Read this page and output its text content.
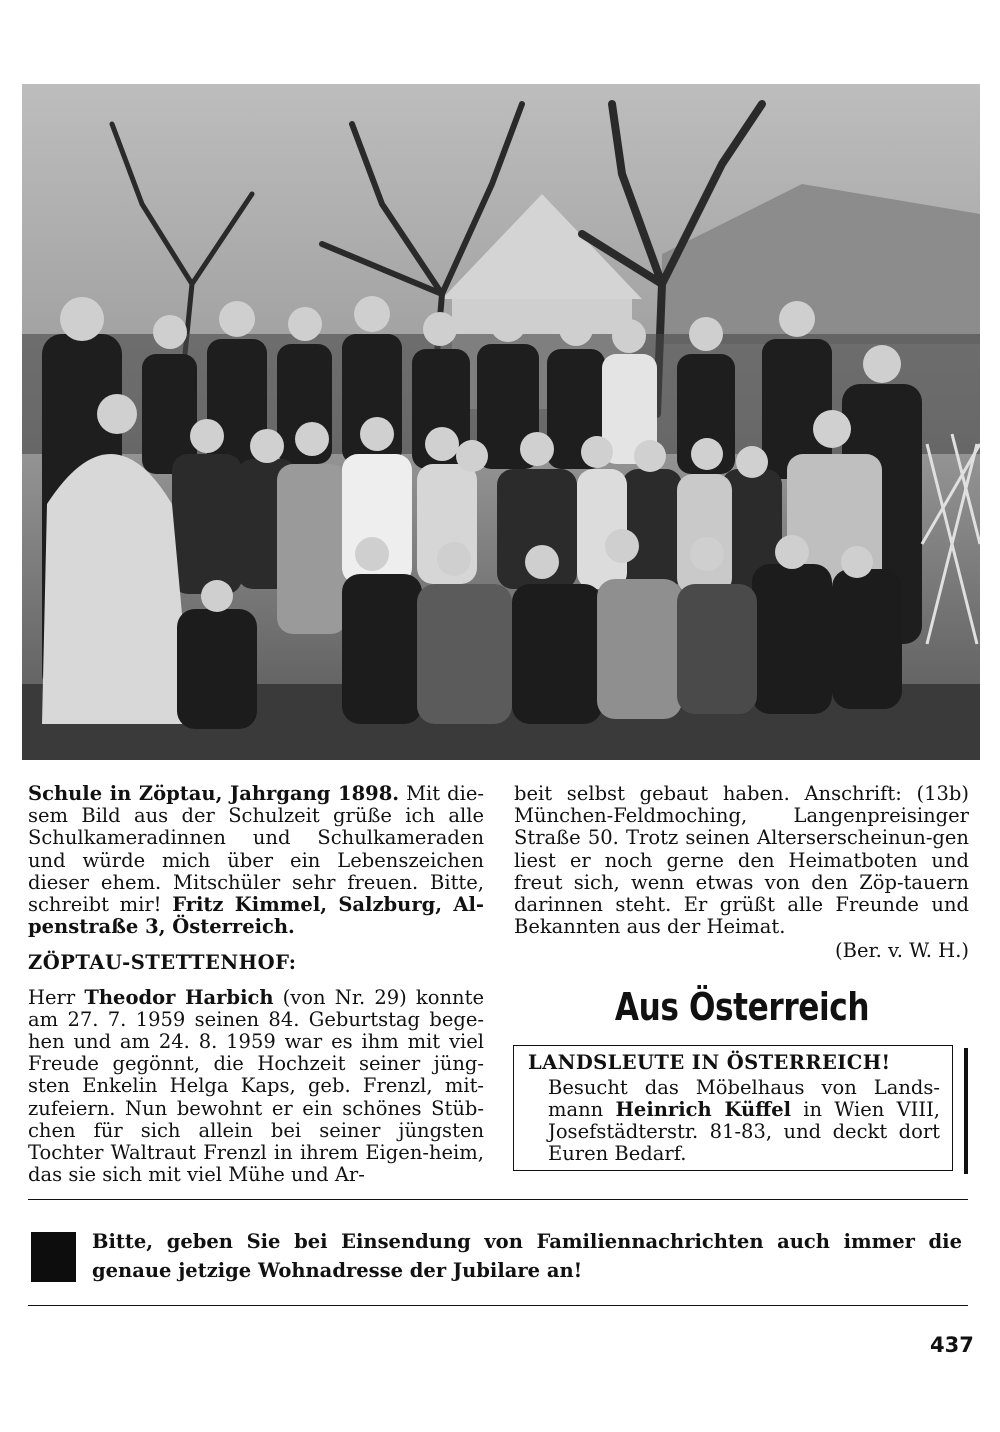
Schule in Zöptau, Jahrgang 1898. Mit die-sem Bild aus der Schulzeit grüße ich alle Schulkameradinnen und Schulkameraden und würde mich über ein Lebenszeichen dieser ehem. Mitschüler sehr freuen. Bitte, schreibt mir! Fritz Kimmel, Salzburg, Al-penstraße 3, Österreich.

ZÖPTAU-STETTENHOF:

Herr Theodor Harbich (von Nr. 29) konnte am 27. 7. 1959 seinen 84. Geburtstag bege-hen und am 24. 8. 1959 war es ihm mit viel Freude gegönnt, die Hochzeit seiner jüng-sten Enkelin Helga Kaps, geb. Frenzl, mit-zufeiern. Nun bewohnt er ein schönes Stüb-chen für sich allein bei seiner jüngsten Tochter Waltraut Frenzl in ihrem Eigen-heim, das sie sich mit viel Mühe und Ar-

beit selbst gebaut haben. Anschrift: (13b) München-Feldmoching, Langenpreisinger Straße 50. Trotz seinen Alterserscheinun-gen liest er noch gerne den Heimatboten und freut sich, wenn etwas von den Zöp-tauern darinnen steht. Er grüßt alle Freunde und Bekannten aus der Heimat.

(Ber. v. W. H.)

Aus Österreich
LANDSLEUTE IN ÖSTERREICH!
Besucht das Möbelhaus von Lands-mann Heinrich Küffel in Wien VIII, Josefstädterstr. 81-83, und deckt dort Euren Bedarf.
Bitte, geben Sie bei Einsendung von Familiennachrichten auch immer die genaue jetzige Wohnadresse der Jubilare an!
437
